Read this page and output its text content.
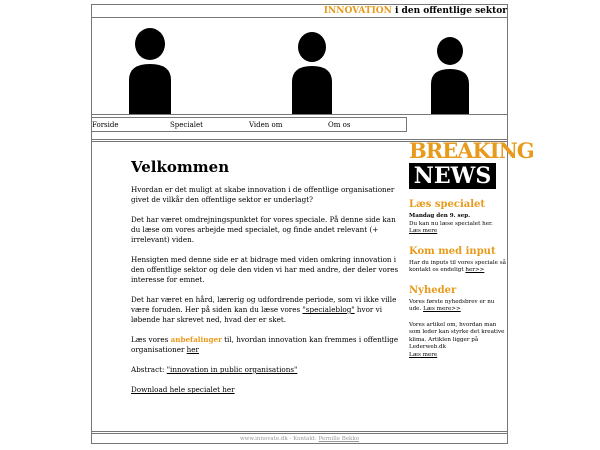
INNOVATION i den offentlige sektor
Forside	Specialet	Viden om	Om os
Velkommen

Hvordan er det muligt at skabe innovation i de offentlige organisationer givet de vilkår den offentlige sektor er underlagt?

Det har været omdrejningspunktet for vores speciale. På denne side kan du læse om vores arbejde med specialet, og finde andet relevant (+ irrelevant) viden.

Hensigten med denne side er at bidrage med viden omkring innovation i den offentlige sektor og dele den viden vi har med andre, der deler vores interesse for emnet.

Det har været en hård, lærerig og udfordrende periode, som vi ikke ville være foruden. Her på siden kan du læse vores "specialeblog" hvor vi løbende har skrevet ned, hvad der er sket.

Læs vores anbefalinger til, hvordan innovation kan fremmes i offentlige organisationer her

Abstract: "innovation in public organisations"

Download hele specialet her

BREAKING
NEWS
Læs specialet

Mandag den 9. sep.

Du kan nu læse specialet her.

Læs mere

Kom med input

Har du inputs til vores speciale så kontakt os endeligt her>>

Nyheder

Vores første nyhedsbrev er nu ude. Læs mere>>

Vores artikel om, hvordan man som leder kan styrke det kreative klima. Artiklen ligger på Lederweb.dk

Læs mere

www.innovate.dk - Kontakt: Pernille Bekko
